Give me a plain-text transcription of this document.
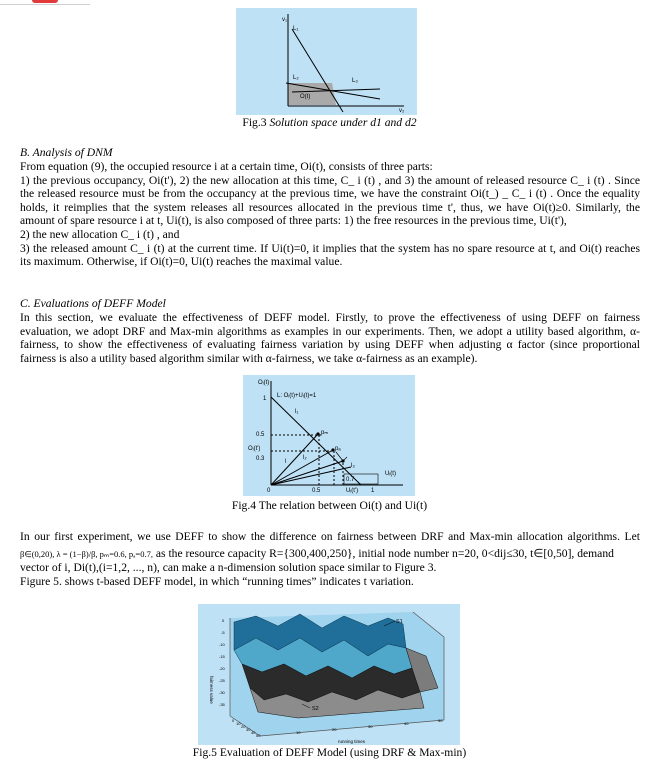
v₁
L₁
L₂	L₃
O(t)
v₂
Fig.3 Solution space under d1 and d2
B. Analysis of DNM
From equation (9), the occupied resource i at a certain time, Oi(t), consists of three parts:
1) the previous occupancy, Oi(t'), 2) the new allocation at this time, C_ i (t) , and 3) the amount of released resource C_ i (t) . Since
the released resource must be from the occupancy at the previous time, we have the constraint Oi(t_) _ C_ i (t) . Once the equality
holds, it reimplies that the system releases all resources allocated in the previous time t', thus, we have Oi(t)≥0. Similarly, the
amount of spare resource i at t, Ui(t), is also composed of three parts: 1) the free resources in the previous time, Ui(t'),
2) the new allocation C_ i (t) , and
3) the released amount C_ i (t) at the current time. If Ui(t)=0, it implies that the system has no spare resource at t, and Oi(t) reaches
its maximum. Otherwise, if Oi(t)=0, Ui(t) reaches the maximal value.
C. Evaluations of DEFF Model
In this section, we evaluate the effectiveness of DEFF model. Firstly, to prove the effectiveness of using DEFF on fairness
evaluation, we adopt DRF and Max-min algorithms as examples in our experiments. Then, we adopt a utility based algorithm, α-
fairness, to show the effectiveness of evaluating fairness variation by using DEFF when adjusting α factor (since proportional
fairness is also a utility based algorithm similar with α-fairness, we take α-fairness as an example).
Oᵢ(t)
1 L: Oᵢ(t)+Uᵢ(t)=1
l₁
0.5	pₘ
Oᵢ(t')	pₐ
0.3	l
l₂
l₃
Uᵢ(t)
0	0.5
0.7
Uᵢ(t') 1
Fig.4 The relation between Oi(t) and Ui(t)
In our first experiment, we use DEFF to show the difference on fairness between DRF and Max-min allocation algorithms. Let
β∈(0,20), λ = (1−β)/β, pₘ=0.6, pₐ=0.7, as the resource capacity R={300,400,250}, initial node number n=20, 0<dij≤30, t∈[0,50], demand
vector of i, Di(t),(i=1,2, ..., n), can make a n-dimension solution space similar to Figure 3.
Figure 5. shows t-based DEFF model, in which “running times” indicates t variation.
S1
S2
fairness value
0
-5
-10
-15
-20
-25
-30
-35
0
10
20
30
40
50
10
20
30
40
50
running times
Fig.5 Evaluation of DEFF Model (using DRF & Max-min)
